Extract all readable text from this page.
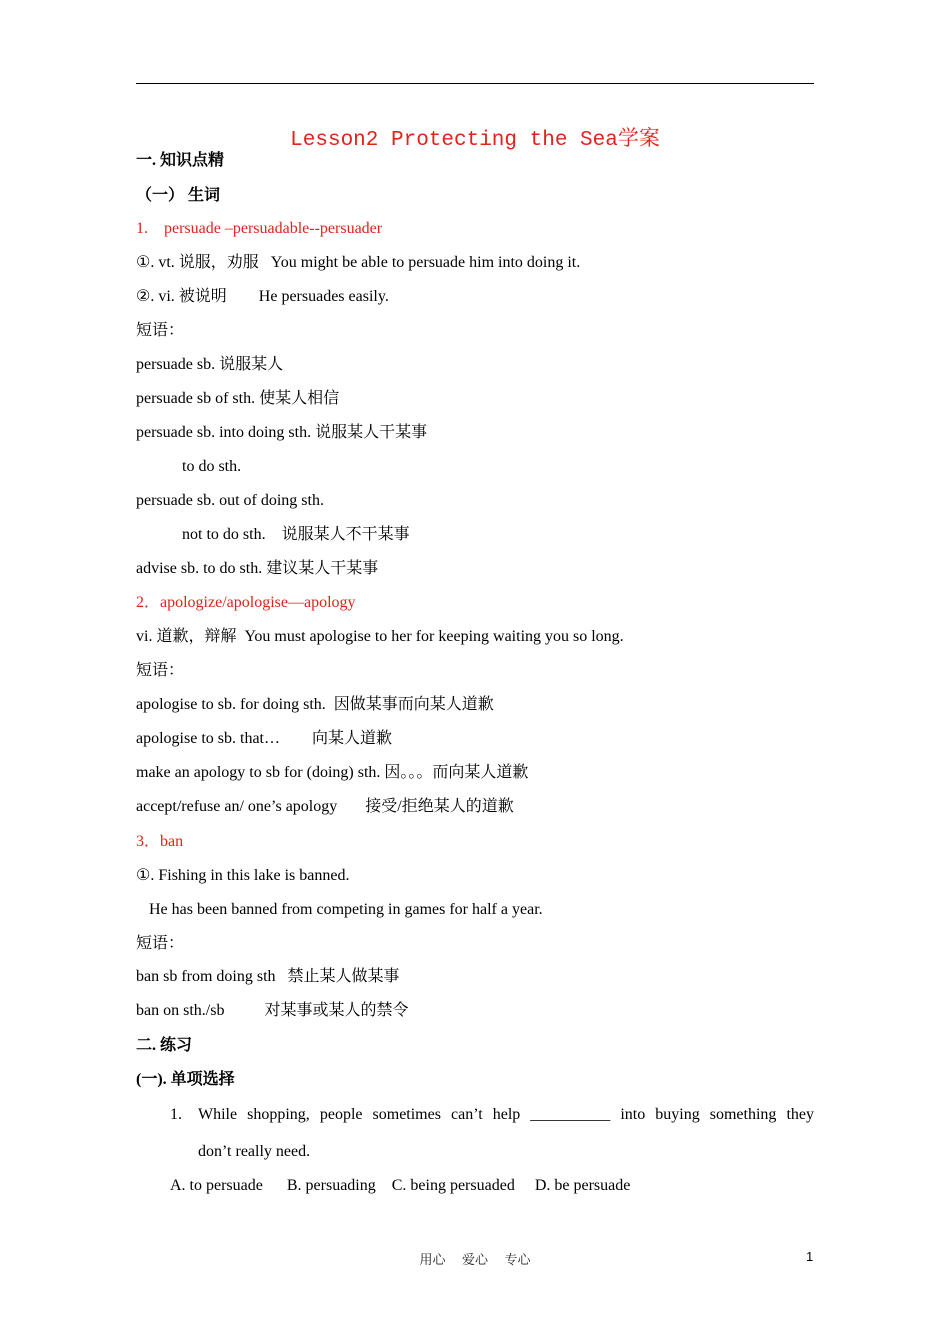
Lesson2 Protecting the Sea学案
一. 知识点精
（一） 生词
1.    persuade –persuadable--persuader
①. vt. 说服，劝服   You might be able to persuade him into doing it.
②. vi. 被说明        He persuades easily.
短语：
persuade sb. 说服某人
persuade sb of sth. 使某人相信
persuade sb. into doing sth. 说服某人干某事
to do sth.
persuade sb. out of doing sth.
not to do sth.    说服某人不干某事
advise sb. to do sth. 建议某人干某事
2．apologize/apologise—apology
vi. 道歉，辩解  You must apologise to her for keeping waiting you so long.
短语：
apologise to sb. for doing sth.  因做某事而向某人道歉
apologise to sb. that…        向某人道歉
make an apology to sb for (doing) sth. 因。。。而向某人道歉
accept/refuse an/ one’s apology       接受/拒绝某人的道歉
3．ban
①. Fishing in this lake is banned.
He has been banned from competing in games for half a year.
短语：
ban sb from doing sth   禁止某人做某事
ban on sth./sb          对某事或某人的禁令
二. 练习
(一). 单项选择
1. While shopping, people sometimes can’t help __________ into buying something they
don’t really need.
A. to persuade      B. persuading    C. being persuaded     D. be persuade
用心    爱心    专心	1
